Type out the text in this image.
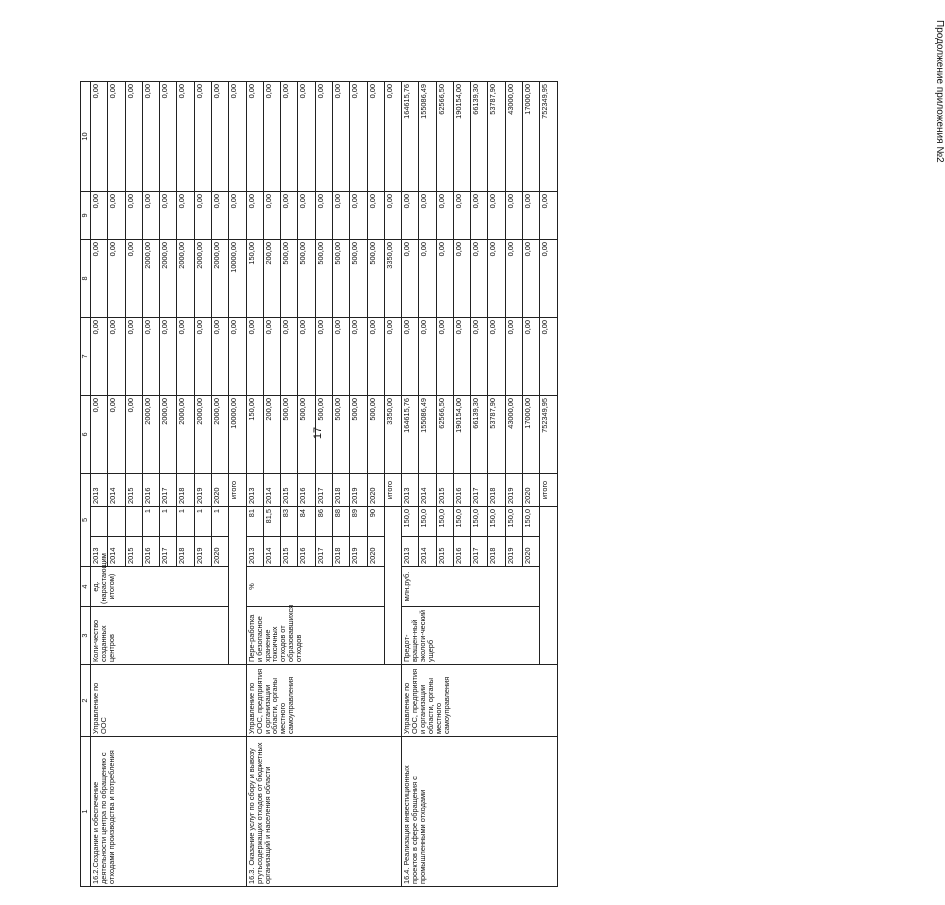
17
Продолжение приложения №2
1	2	3	4	5			6	7	8	9	10
16.2.Создание и обеспечение деятельности центра по обращению с отходами производства и потребления	Управление по ООС	Коли-чество созданных центров	ед. (нарастающим итогом)	2013		2013	0,00	0,00	0,00	0,00	0,00
				2014		2014	0,00	0,00	0,00	0,00	0,00
				2015		2015	0,00	0,00	0,00	0,00	0,00
				2016	1	2016	2000,00	0,00	2000,00	0,00	0,00
				2017	1	2017	2000,00	0,00	2000,00	0,00	0,00
				2018	1	2018	2000,00	0,00	2000,00	0,00	0,00
				2019	1	2019	2000,00	0,00	2000,00	0,00	0,00
				2020	1	2020	2000,00	0,00	2000,00	0,00	0,00
						итого	10000,00	0,00	10000,00	0,00	0,00
16.3. Оказание услуг по сбору и вывозу ртутьсодержащих отходов от бюджетных организаций и населения области	Управление по ООС, предприятия и организации области, органы местного самоуправления	Пере-работка и безопасное хранение токсичных отходов от образовавшихся отходов	%	2013	81	2013	150,00	0,00	150,00	0,00	0,00
				2014	81,5	2014	200,00	0,00	200,00	0,00	0,00
				2015	83	2015	500,00	0,00	500,00	0,00	0,00
				2016	84	2016	500,00	0,00	500,00	0,00	0,00
				2017	86	2017	500,00	0,00	500,00	0,00	0,00
				2018	88	2018	500,00	0,00	500,00	0,00	0,00
				2019	89	2019	500,00	0,00	500,00	0,00	0,00
				2020	90	2020	500,00	0,00	500,00	0,00	0,00
						итого	3350,00	0,00	3350,00	0,00	0,00
16.4. Реализация инвестиционных проектов в сфере обращения с промышленными отходами	Управление по ООС, предприятия и организации области, органы местного самоуправления	Предот-вращен-ный экологи-ческий ущерб	млн.руб.	2013	150,0	2013	164615,76	0,00	0,00	0,00	164615,76
				2014	150,0	2014	155086,49	0,00	0,00	0,00	155086,49
				2015	150,0	2015	62566,50	0,00	0,00	0,00	62566,50
				2016	150,0	2016	190154,00	0,00	0,00	0,00	190154,00
				2017	150,0	2017	66139,30	0,00	0,00	0,00	66139,30
				2018	150,0	2018	53787,90	0,00	0,00	0,00	53787,90
				2019	150,0	2019	43000,00	0,00	0,00	0,00	43000,00
				2020	150,0	2020	17000,00	0,00	0,00	0,00	17000,00
						итого	752349,95	0,00	0,00	0,00	752349,95
